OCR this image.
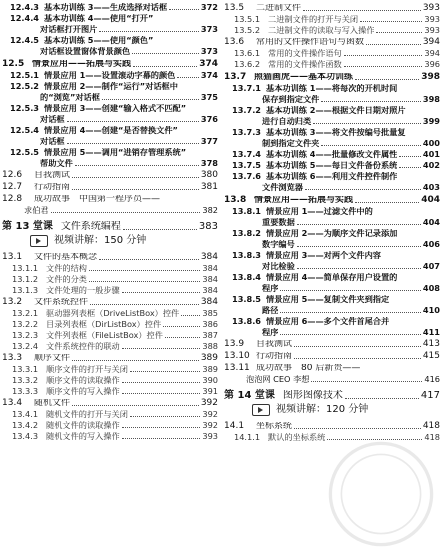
12.4.3 基本功训练 3——生成选择对话框	372
12.4.4 基本功训练 4——使用“打开”
对话框打开图片	373
12.4.5 基本功训练 5——使用“颜色”
对话框设置窗体背景颜色	373
12.5 情景应用——拓展与实践	374
12.5.1 情景应用 1——设置滚动字幕的颜色	374
12.5.2 情景应用 2——制作“运行”对话框中
的“浏览”对话框	375
12.5.3 情景应用 3——创建“输入格式不匹配”
对话框	376
12.5.4 情景应用 4——创建“是否替换文件”
对话框	377
12.5.5 情景应用 5——调用“进销存管理系统”
帮助文件	378
12.6	自我测试	380
12.7	行动指南	381
12.8	成功故事　中国第一程序员——
求伯君	382
第 13 堂课 文件系统编程	383
视频讲解：150 分钟
13.1	文件的基本概念	384
13.1.1 文件的结构	384
13.1.2 文件的分类	384
13.1.3 文件处理的一般步骤	384
13.2	文件系统控件	384
13.2.1 驱动器列表框（DriveListBox）控件	385
13.2.2 目录列表框（DirListBox）控件	386
13.2.3 文件列表框（FileListBox）控件	387
13.2.4 文件系统控件的联动	388
13.3	顺序文件	389
13.3.1 顺序文件的打开与关闭	389
13.3.2 顺序文件的读取操作	390
13.3.3 顺序文件的写入操作	391
13.4	随机文件	392
13.4.1 随机文件的打开与关闭	392
13.4.2 随机文件的读取操作	392
13.4.3 随机文件的写入操作	393
13.5	二进制文件	393
13.5.1 二进制文件的打开与关闭	393
13.5.2 二进制文件的读取与写入操作	393
13.6	常用的文件操作语句与函数	394
13.6.1 常用的文件操作语句	394
13.6.2 常用的文件操作函数	396
13.7 照猫画虎——基本功训练	398
13.7.1 基本功训练 1——将每次的开机时间
保存到指定文件	398
13.7.2 基本功训练 2——根据文件日期对照片
进行自动归类	399
13.7.3 基本功训练 3——将文件按编号批量复
制到指定文件夹	400
13.7.4 基本功训练 4——批量修改文件属性	401
13.7.5 基本功训练 5——每日文件备份系统	402
13.7.6 基本功训练 6——利用文件控件制作
文件浏览器	403
13.8 情景应用——拓展与实践	404
13.8.1 情景应用 1——过滤文件中的
重要数据	404
13.8.2 情景应用 2——为顺序文件记录添加
数字编号	406
13.8.3 情景应用 3——对两个文件内容
对比检验	407
13.8.4 情景应用 4——简单保存用户设置的
程序	408
13.8.5 情景应用 5——复制文件夹到指定
路径	410
13.8.6 情景应用 6——多个文件首尾合并
程序	411
13.9	自我测试	413
13.10 行动指南	415
13.11 成功故事　80 后新贵——
泡泡网 CEO 李想	416
第 14 堂课 图形图像技术	417
视频讲解：120 分钟
14.1	坐标系统	418
14.1.1 默认的坐标系统	418
